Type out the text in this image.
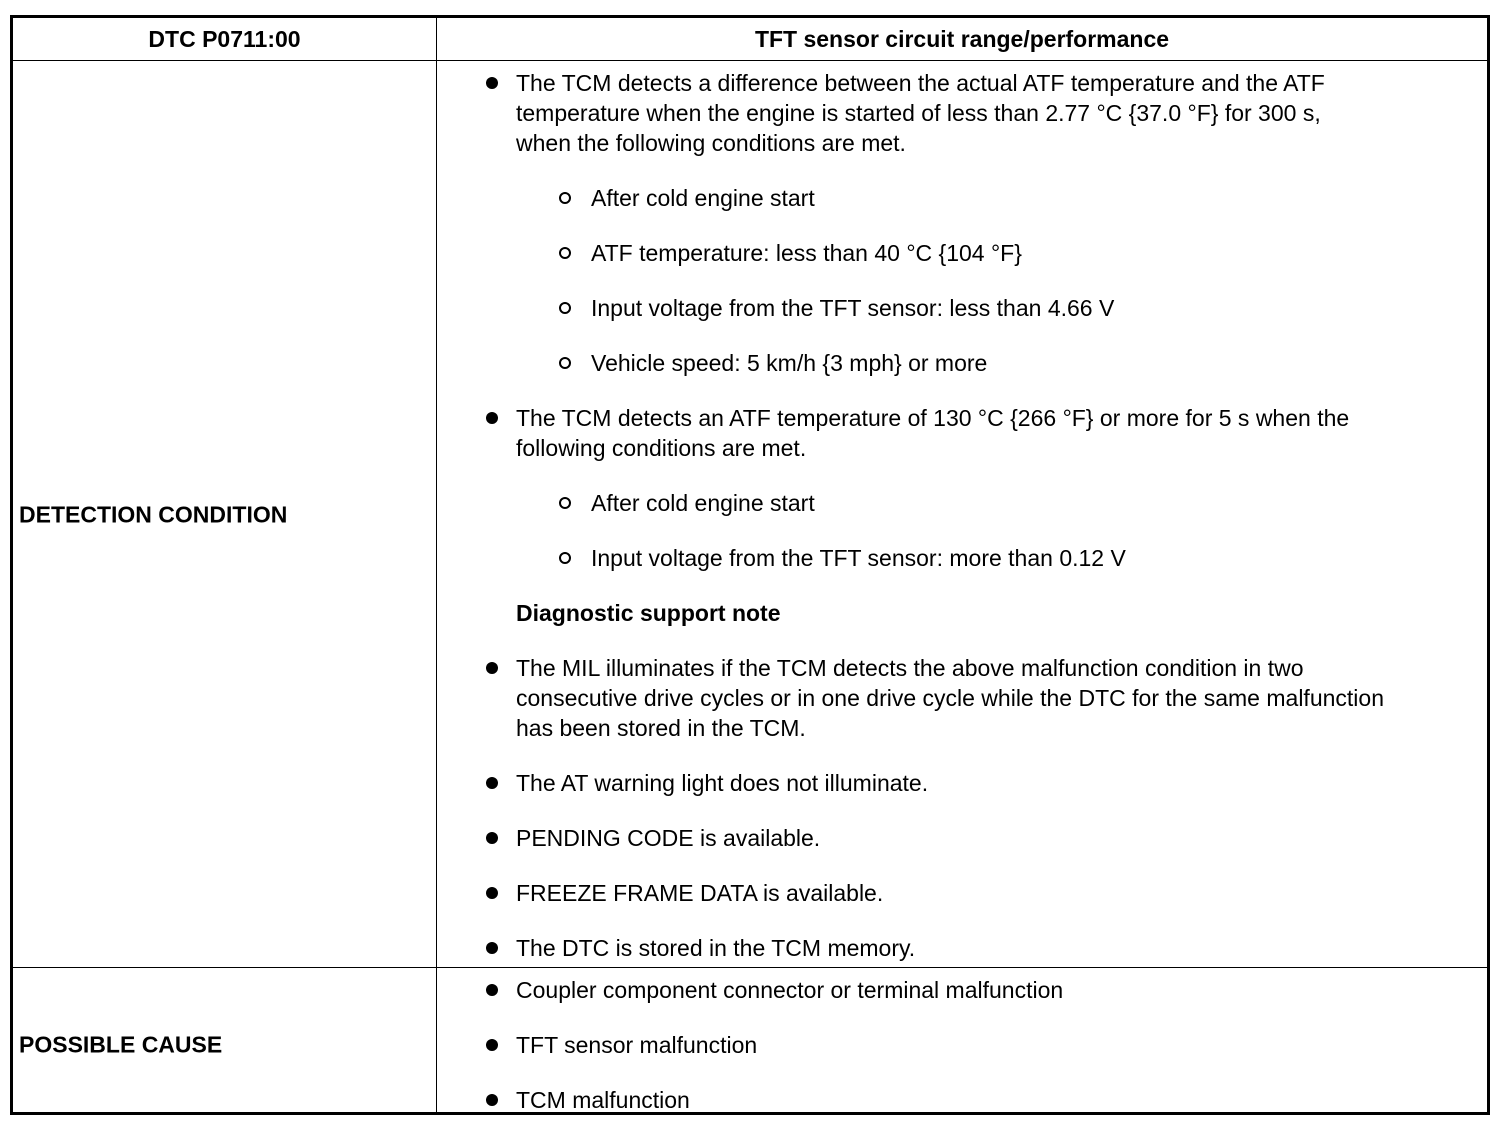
DTC P0711:00	TFT sensor circuit range/performance
DETECTION CONDITION
POSSIBLE CAUSE
The TCM detects a difference between the actual ATF temperature and the ATF
temperature when the engine is started of less than 2.77 °C {37.0 °F} for 300 s,
when the following conditions are met.
After cold engine start
ATF temperature: less than 40 °C {104 °F}
Input voltage from the TFT sensor: less than 4.66 V
Vehicle speed: 5 km/h {3 mph} or more
The TCM detects an ATF temperature of 130 °C {266 °F} or more for 5 s when the
following conditions are met.
After cold engine start
Input voltage from the TFT sensor: more than 0.12 V
Diagnostic support note
The MIL illuminates if the TCM detects the above malfunction condition in two
consecutive drive cycles or in one drive cycle while the DTC for the same malfunction
has been stored in the TCM.
The AT warning light does not illuminate.
PENDING CODE is available.
FREEZE FRAME DATA is available.
The DTC is stored in the TCM memory.
Coupler component connector or terminal malfunction
TFT sensor malfunction
TCM malfunction
